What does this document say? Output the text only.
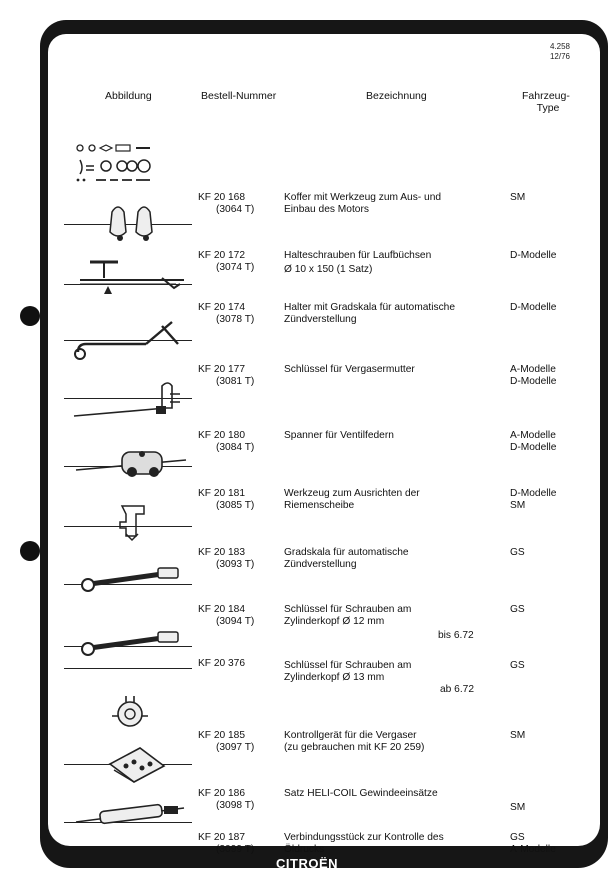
4.258
12/76
Abbildung	Bestell-Nummer	Bezeichnung	Fahrzeug-
Type
KF 20 168
(3064 T)
Koffer mit Werkzeug zum Aus- und
Einbau des Motors
SM
KF 20 172
(3074 T)
Halteschrauben für Laufbüchsen
Ø 10 x 150 (1 Satz)
D-Modelle
KF 20 174
(3078 T)
Halter mit Gradskala für automatische
Zündverstellung
D-Modelle
KF 20 177
(3081 T)
Schlüssel für Vergasermutter	A-Modelle
D-Modelle
KF 20 180
(3084 T)
Spanner für Ventilfedern	A-Modelle
D-Modelle
KF 20 181
(3085 T)
Werkzeug zum Ausrichten der
Riemenscheibe
D-Modelle
SM
KF 20 183
(3093 T)
Gradskala für automatische
Zündverstellung
GS
KF 20 184
(3094 T)
Schlüssel für Schrauben am
Zylinderkopf Ø 12 mm
bis 6.72
GS
KF 20 376	Schlüssel für Schrauben am
Zylinderkopf Ø 13 mm
ab 6.72
GS
KF 20 185
(3097 T)
Kontrollgerät für die Vergaser
(zu gebrauchen mit KF 20 259)
SM
KF 20 186
(3098 T)
Satz HELI-COIL Gewindeeinsätze
SM
KF 20 187
(3099 T)
Verbindungsstück zur Kontrolle des
Öldrucks
GS
A-Modelle
CITROËN
